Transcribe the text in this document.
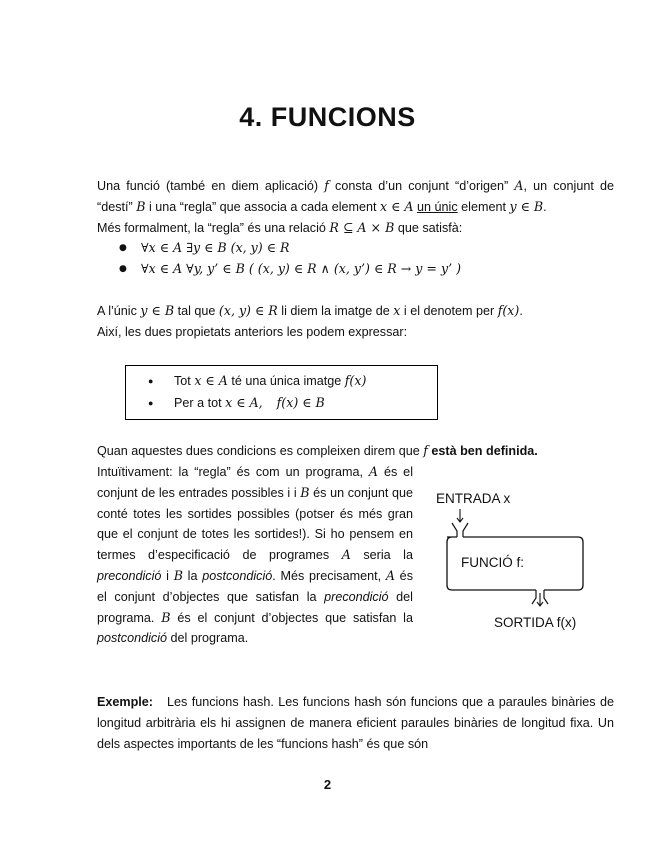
4. FUNCIONS

Una funció (també en diem aplicació) f consta d’un conjunt “d’origen” A, un conjunt de “destí” B i una “regla” que associa a cada element x ∈ A un únic element y ∈ B.

Més formalment, la “regla” és una relació R ⊆ A × B que satisfà:

● ∀x ∈ A ∃y ∈ B (x, y) ∈ R
● ∀x ∈ A ∀y, y’ ∈ B ( (x, y) ∈ R ∧ (x, y’) ∈ R → y = y’ )

A l’únic y ∈ B tal que (x, y) ∈ R li diem la imatge de x i el denotem per f(x).

Així, les dues propietats anteriors les podem expressar:

● Tot x ∈ A té una única imatge f(x)
● Per a tot x ∈ A, f(x) ∈ B

Quan aquestes dues condicions es compleixen direm que f està ben definida.

Intuïtivament: la “regla” és com un programa, A és el conjunt de les entrades possibles i i B és un conjunt que conté totes les sortides possibles (potser és més gran que el conjunt de totes les sortides!). Si ho pensem en termes d’especificació de programes A seria la precondició i B la postcondició. Més precisament, A és el conjunt d’objectes que satisfan la precondició del programa. B és el conjunt d’objectes que satisfan la postcondició del programa.

ENTRADA x
FUNCIÓ f:
SORTIDA f(x)

Exemple: Les funcions hash. Les funcions hash són funcions que a paraules binàries de longitud arbitrària els hi assignen de manera eficient paraules binàries de longitud fixa. Un dels aspectes importants de les “funcions hash” és que són

2
